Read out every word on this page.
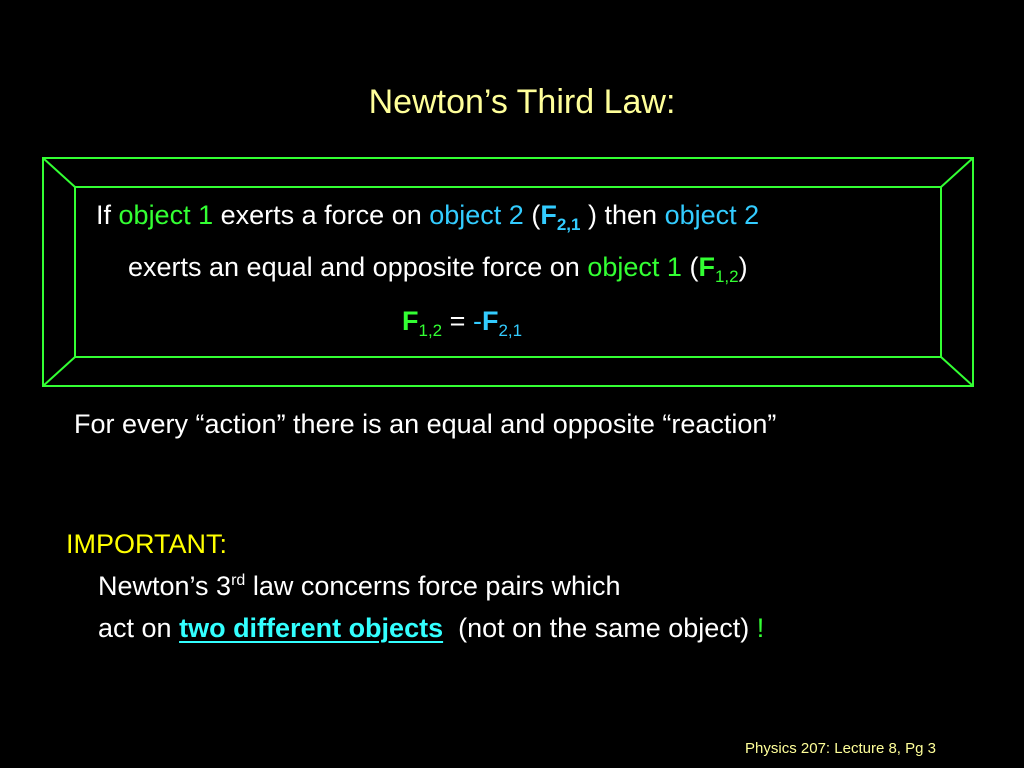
Newton’s Third Law:
If object 1 exerts a force on object 2 ($F_{2,1}$ ) then object 2
exerts an equal and opposite force on object 1 $(F_{1,2})$
$F_{1,2} = -F_{2,1}$
For every “action” there is an equal and opposite “reaction”
IMPORTANT:
Newton’s 3rd law concerns force pairs which
act on two different objects (not on the same object) !
Physics 207: Lecture 8, Pg 3
